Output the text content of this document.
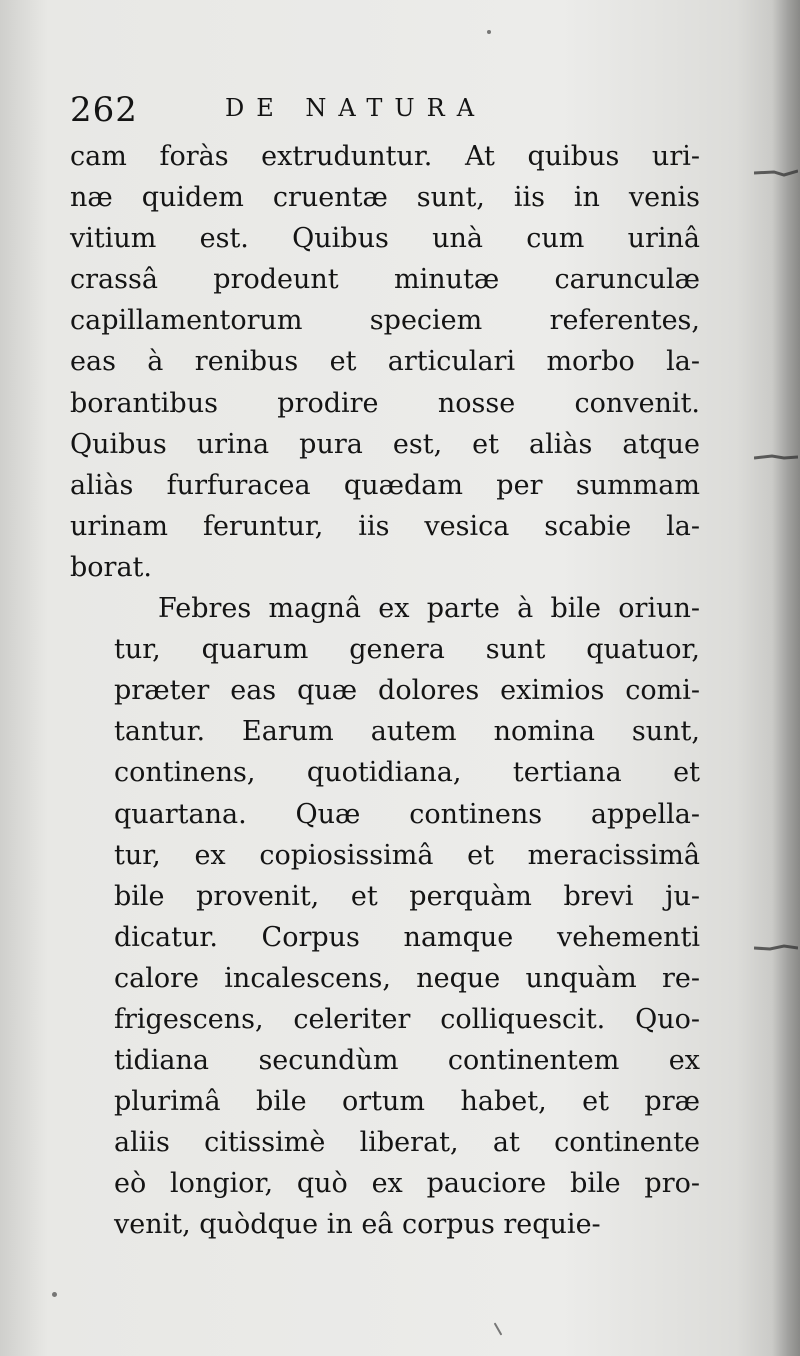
262	DE NATURA

cam foràs extruduntur. At quibus uri-
næ quidem cruentæ sunt, iis in venis
vitium est. Quibus unà cum urinâ
crassâ prodeunt minutæ carunculæ
capillamentorum speciem referentes,
eas à renibus et articulari morbo la-
borantibus prodire nosse convenit.
Quibus urina pura est, et aliàs atque
aliàs furfuracea quædam per summam
urinam feruntur, iis vesica scabie la-
borat.

Febres magnâ ex parte à bile oriun-
tur, quarum genera sunt quatuor,
præter eas quæ dolores eximios comi-
tantur. Earum autem nomina sunt,
continens, quotidiana, tertiana et
quartana. Quæ continens appella-
tur, ex copiosissimâ et meracissimâ
bile provenit, et perquàm brevi ju-
dicatur. Corpus namque vehementi
calore incalescens, neque unquàm re-
frigescens, celeriter colliquescit. Quo-
tidiana secundùm continentem ex
plurimâ bile ortum habet, et præ
aliis citissimè liberat, at continente
eò longior, quò ex pauciore bile pro-
venit, quòdque in eâ corpus requie-
